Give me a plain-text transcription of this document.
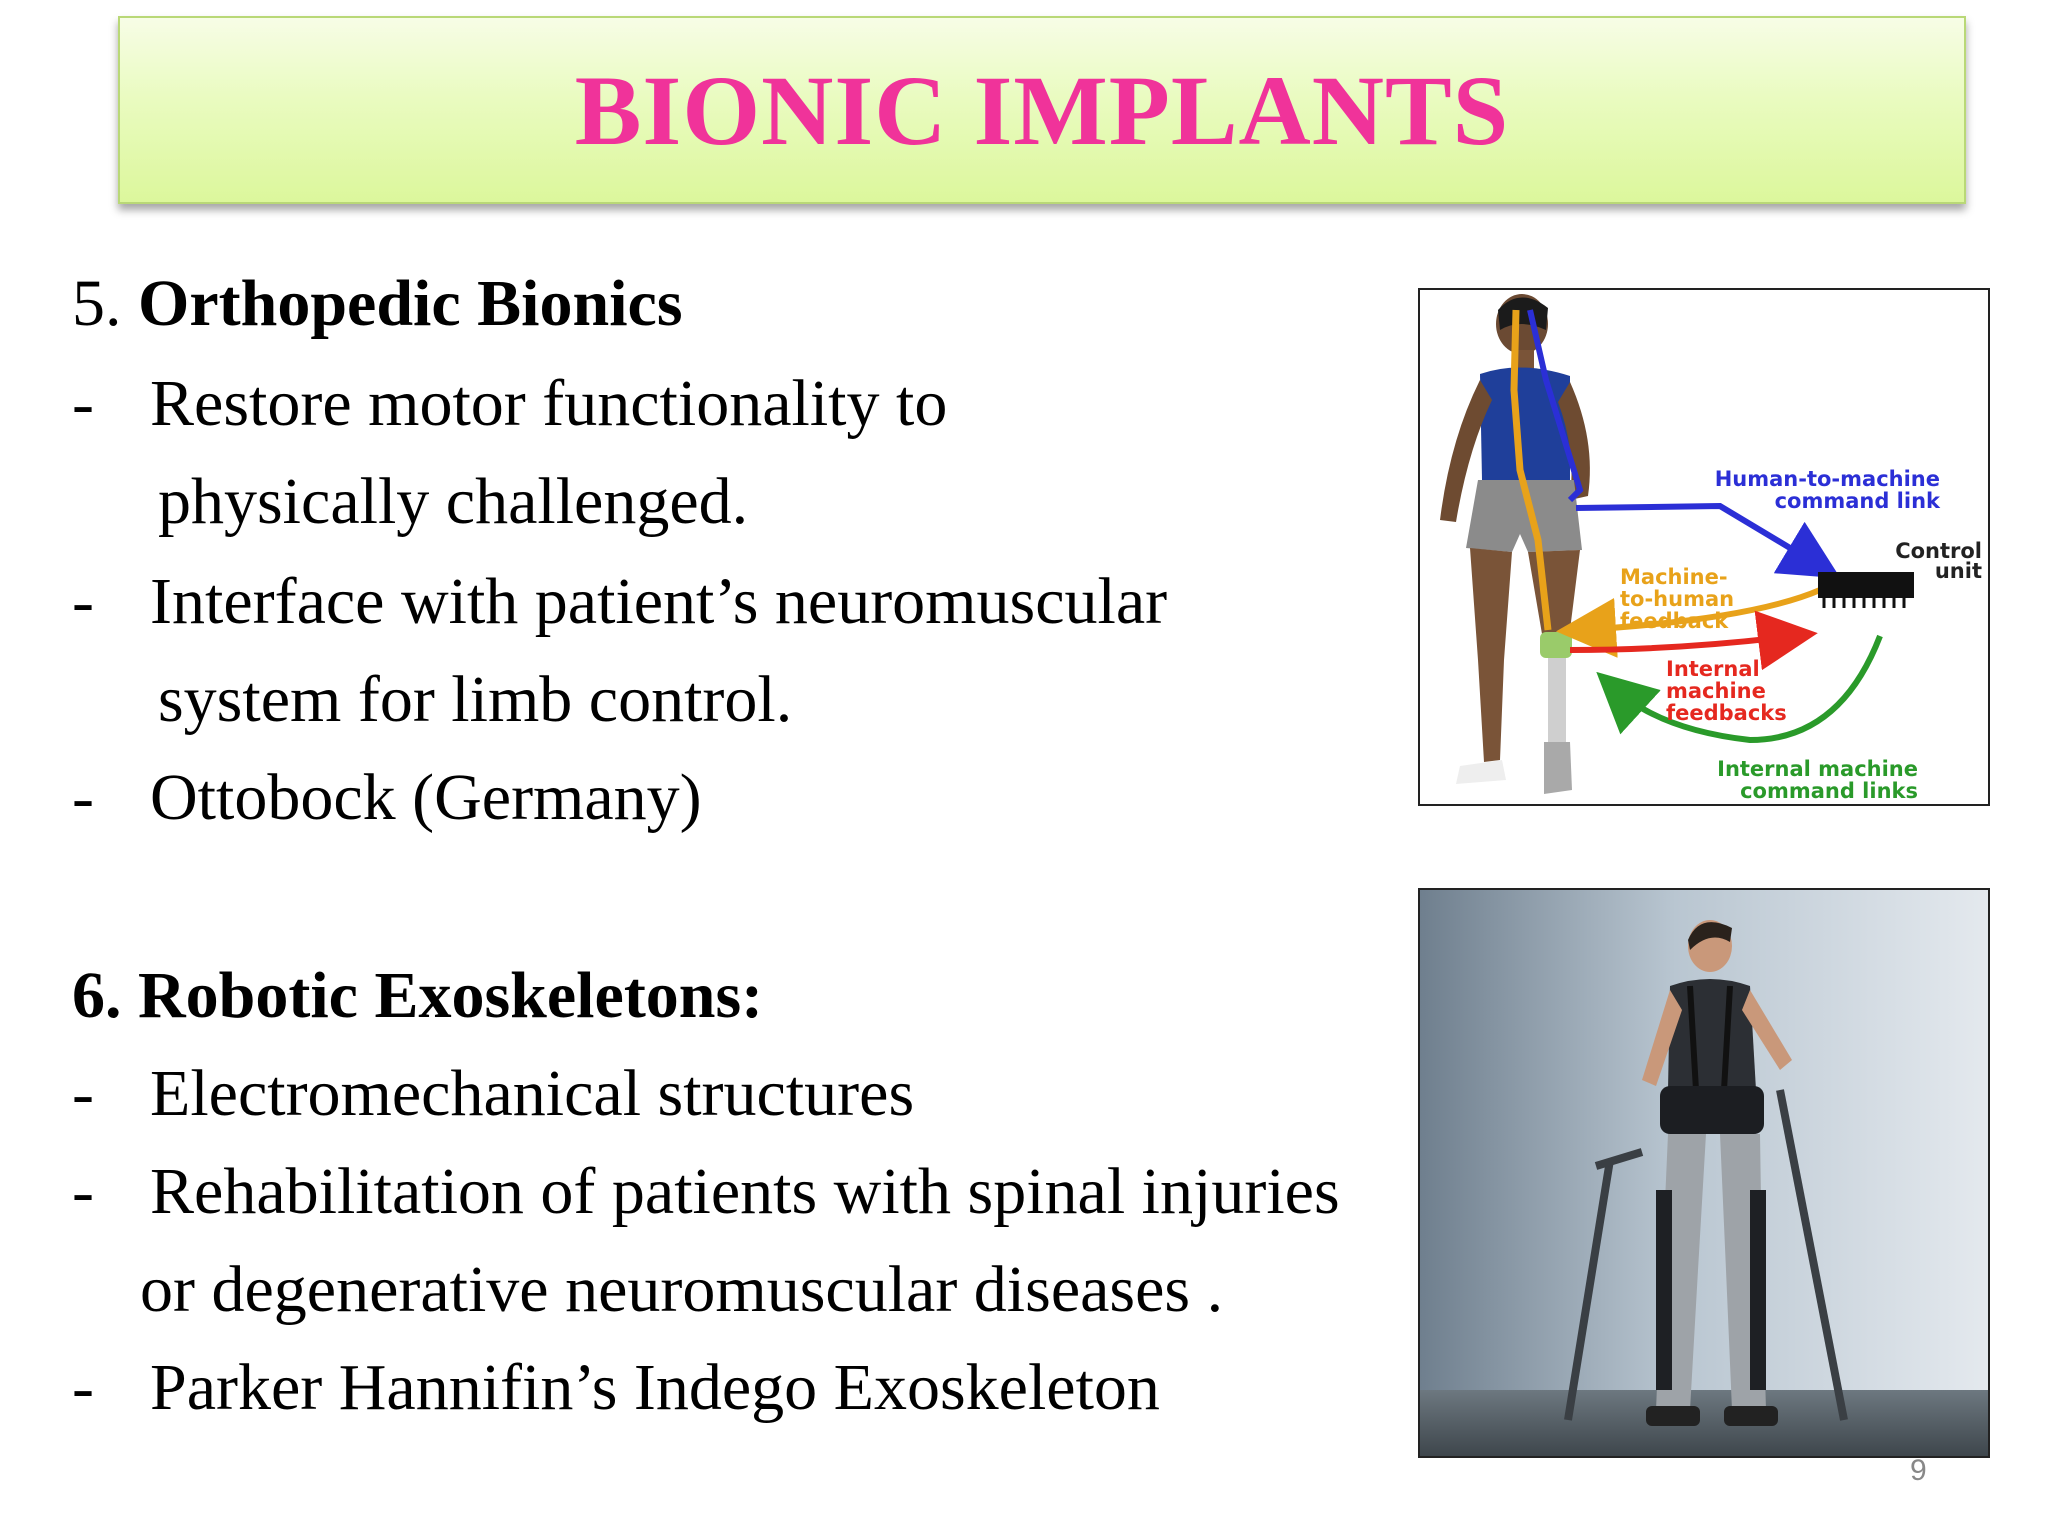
BIONIC IMPLANTS
5. Orthopedic Bionics
- Restore motor functionality to
physically challenged.
- Interface with patient’s neuromuscular
system for limb control.
- Ottobock (Germany)
6. Robotic Exoskeletons:
- Electromechanical structures
- Rehabilitation of patients with spinal injuries
or degenerative neuromuscular diseases .
- Parker Hannifin’s Indego Exoskeleton
Human-to-machine
command link
Control
unit
Machine-
to-human
feedback
Internal
machine
feedbacks
Internal machine
command links
9
